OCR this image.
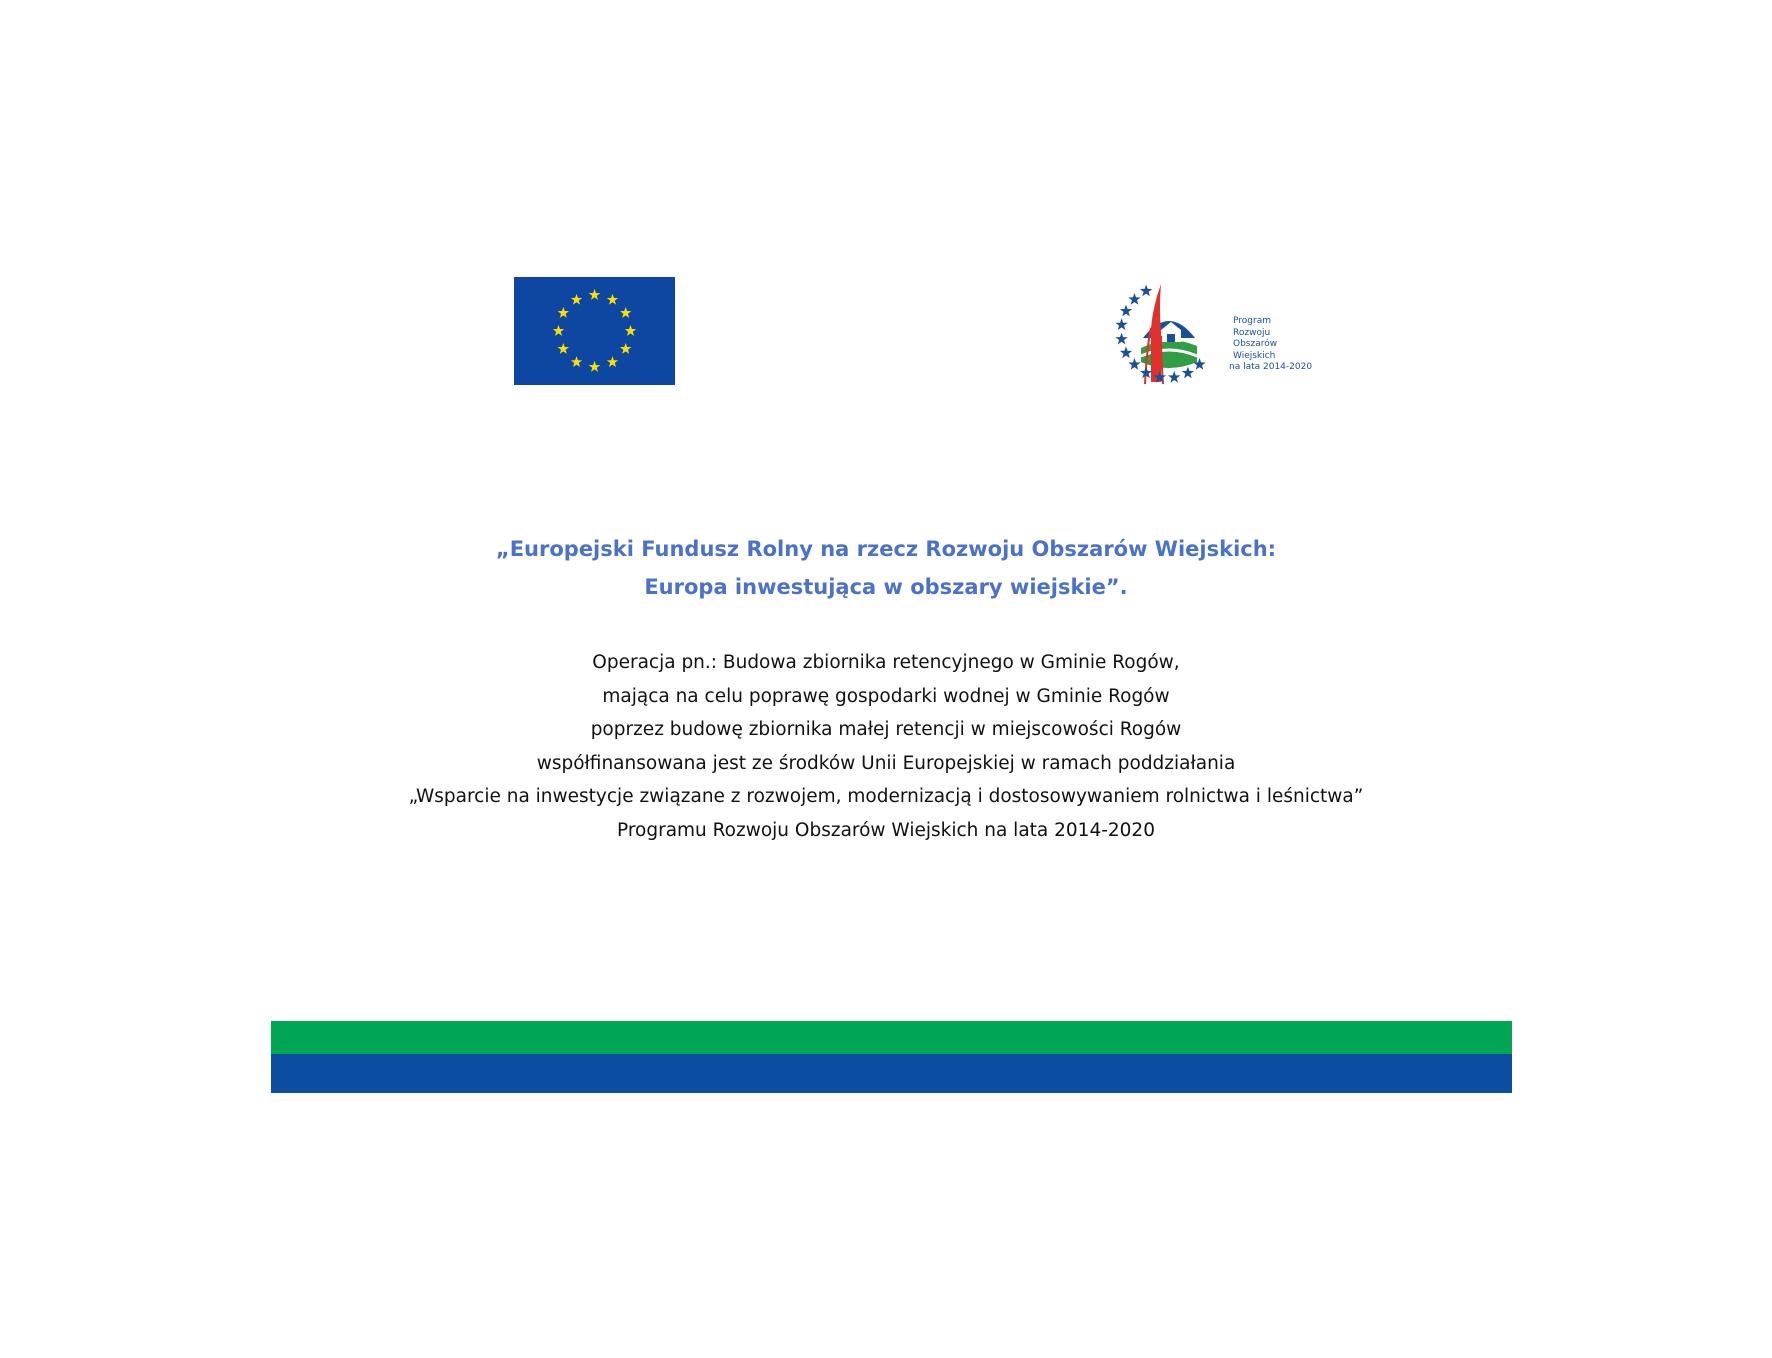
Program
Rozwoju
Obszarów
Wiejskich
na lata 2014-2020
„Europejski Fundusz Rolny na rzecz Rozwoju Obszarów Wiejskich:
Europa inwestująca w obszary wiejskie”.
Operacja pn.: Budowa zbiornika retencyjnego w Gminie Rogów,
mająca na celu poprawę gospodarki wodnej w Gminie Rogów
poprzez budowę zbiornika małej retencji w miejscowości Rogów
współfinansowana jest ze środków Unii Europejskiej w ramach poddziałania
„Wsparcie na inwestycje związane z rozwojem, modernizacją i dostosowywaniem rolnictwa i leśnictwa”
Programu Rozwoju Obszarów Wiejskich na lata 2014-2020
